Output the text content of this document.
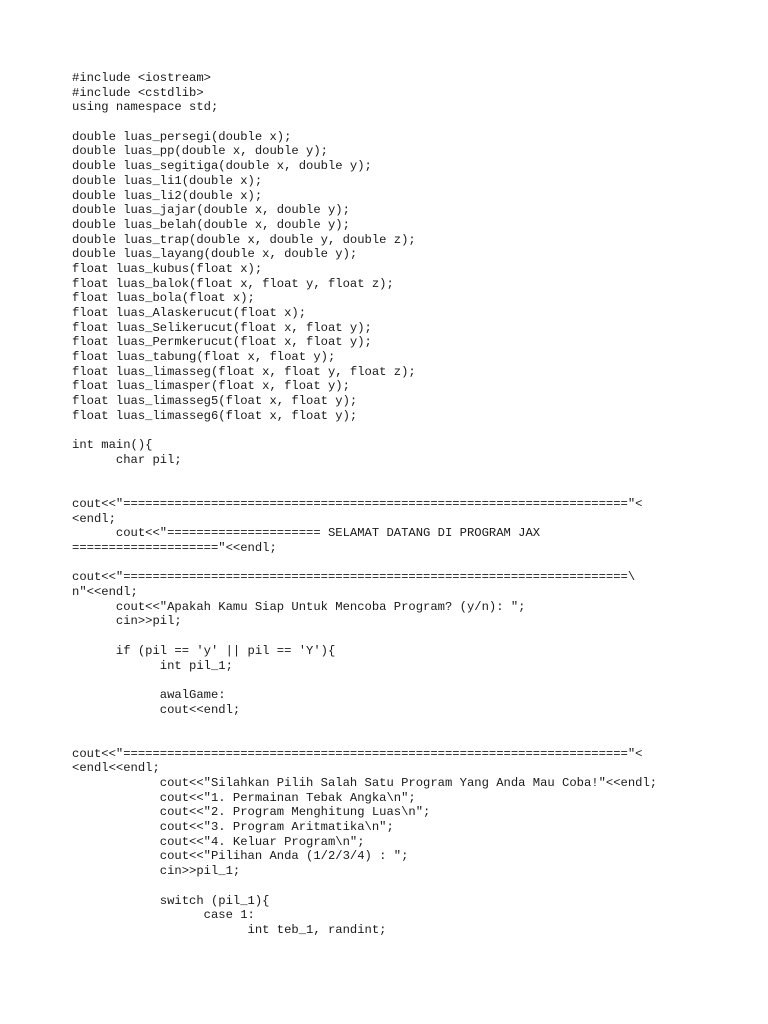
#include <iostream>
#include <cstdlib>
using namespace std;
double luas_persegi(double x);
double luas_pp(double x, double y);
double luas_segitiga(double x, double y);
double luas_li1(double x);
double luas_li2(double x);
double luas_jajar(double x, double y);
double luas_belah(double x, double y);
double luas_trap(double x, double y, double z);
double luas_layang(double x, double y);
float luas_kubus(float x);
float luas_balok(float x, float y, float z);
float luas_bola(float x);
float luas_Alaskerucut(float x);
float luas_Selikerucut(float x, float y);
float luas_Permkerucut(float x, float y);
float luas_tabung(float x, float y);
float luas_limasseg(float x, float y, float z);
float luas_limasper(float x, float y);
float luas_limasseg5(float x, float y);
float luas_limasseg6(float x, float y);
int main(){
char pil;
cout<<"====================================================================="<
<endl;
cout<<"===================== SELAMAT DATANG DI PROGRAM JAX
===================="<<endl;
cout<<"=====================================================================\
n"<<endl;
cout<<"Apakah Kamu Siap Untuk Mencoba Program? (y/n): ";
cin>>pil;
if (pil == 'y' || pil == 'Y'){
int pil_1;
awalGame:
cout<<endl;
cout<<"====================================================================="<
<endl<<endl;
cout<<"Silahkan Pilih Salah Satu Program Yang Anda Mau Coba!"<<endl;
cout<<"1. Permainan Tebak Angka\n";
cout<<"2. Program Menghitung Luas\n";
cout<<"3. Program Aritmatika\n";
cout<<"4. Keluar Program\n";
cout<<"Pilihan Anda (1/2/3/4) : ";
cin>>pil_1;
switch (pil_1){
case 1:
int teb_1, randint;
